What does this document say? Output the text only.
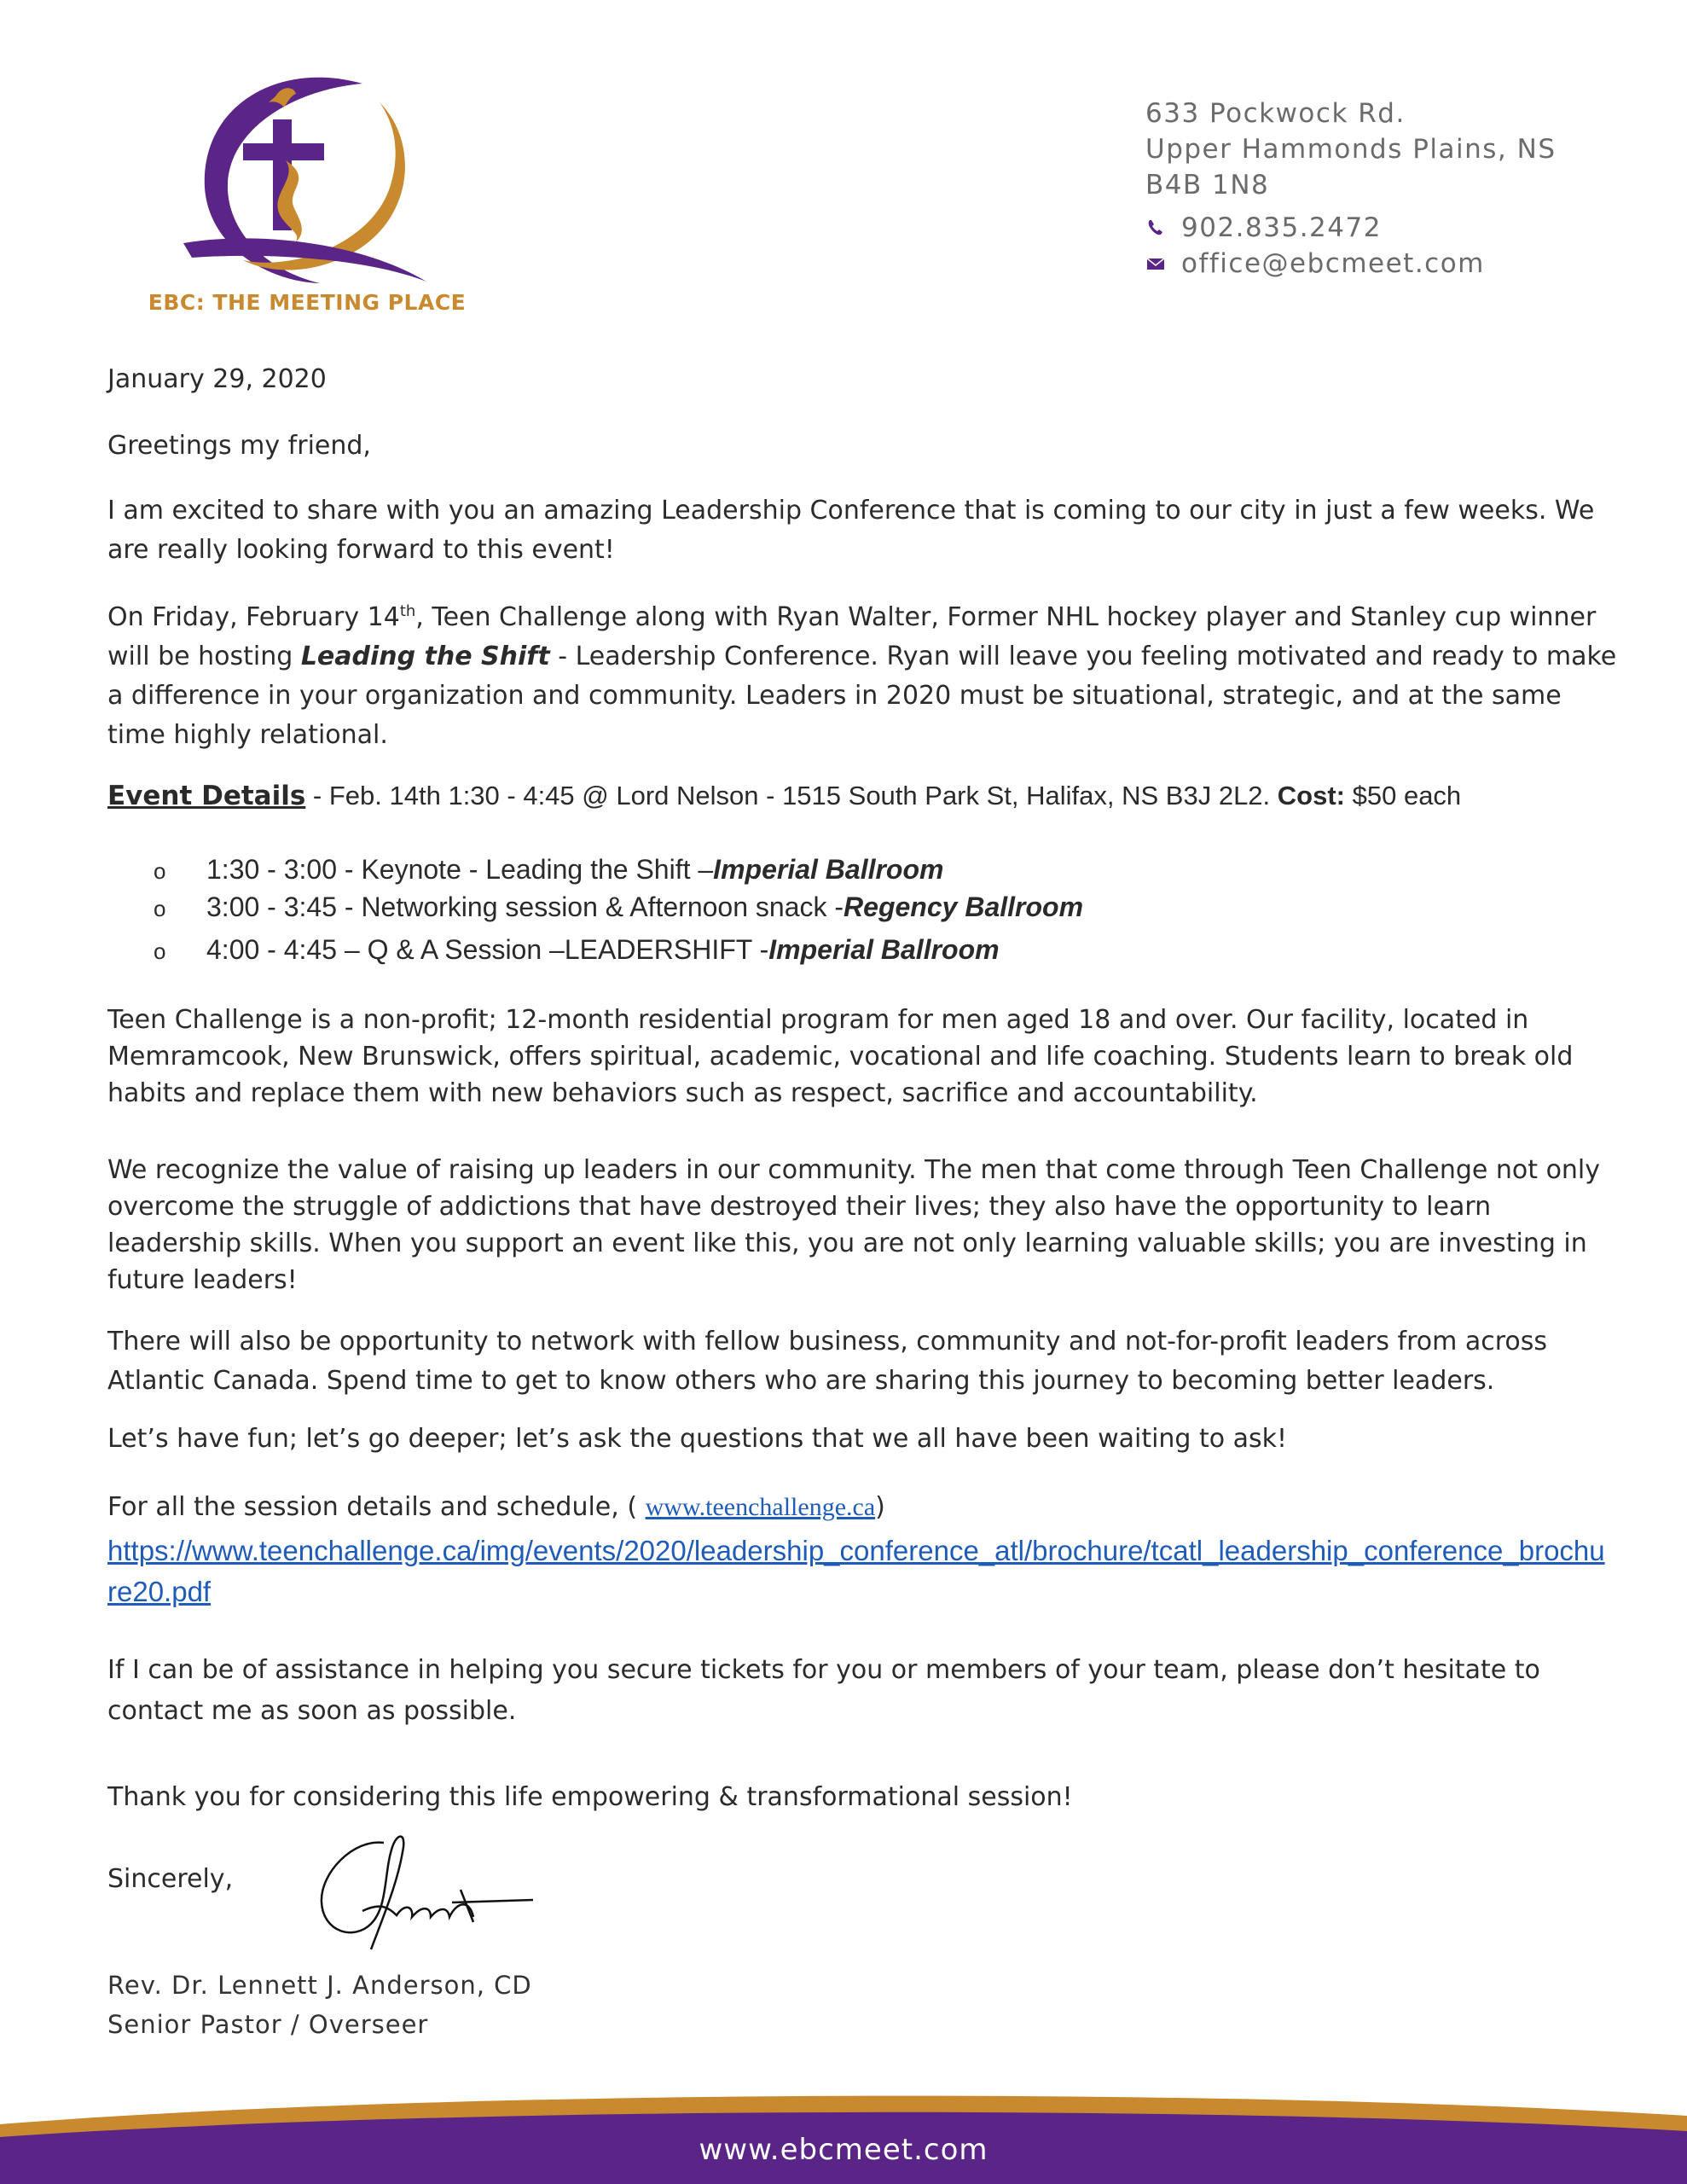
EBC: THE MEETING PLACE
633 Pockwock Rd.
Upper Hammonds Plains, NS
B4B 1N8
902.835.2472
office@ebcmeet.com
January 29, 2020
Greetings my friend,
I am excited to share with you an amazing Leadership Conference that is coming to our city in just a few weeks. We are really looking forward to this event!
On Friday, February 14th, Teen Challenge along with Ryan Walter, Former NHL hockey player and Stanley cup winner will be hosting Leading the Shift - Leadership Conference. Ryan will leave you feeling motivated and ready to make a difference in your organization and community. Leaders in 2020 must be situational, strategic, and at the same time highly relational.
Event Details - Feb. 14th 1:30 - 4:45 @ Lord Nelson - 1515 South Park St, Halifax, NS B3J 2L2. Cost: $50 each
o	1:30 - 3:00 - Keynote - Leading the Shift – Imperial Ballroom
o	3:00 - 3:45 - Networking session & Afternoon snack - Regency Ballroom
o	4:00 - 4:45 – Q & A Session –LEADERSHIFT - Imperial Ballroom
Teen Challenge is a non-profit; 12-month residential program for men aged 18 and over. Our facility, located in Memramcook, New Brunswick, offers spiritual, academic, vocational and life coaching. Students learn to break old habits and replace them with new behaviors such as respect, sacrifice and accountability.
We recognize the value of raising up leaders in our community. The men that come through Teen Challenge not only overcome the struggle of addictions that have destroyed their lives; they also have the opportunity to learn leadership skills. When you support an event like this, you are not only learning valuable skills; you are investing in future leaders!
There will also be opportunity to network with fellow business, community and not-for-profit leaders from across Atlantic Canada. Spend time to get to know others who are sharing this journey to becoming better leaders.
Let’s have fun; let’s go deeper; let’s ask the questions that we all have been waiting to ask!
For all the session details and schedule, ( www.teenchallenge.ca)
https://www.teenchallenge.ca/img/events/2020/leadership_conference_atl/brochure/tcatl_leadership_conference_brochure20.pdf
If I can be of assistance in helping you secure tickets for you or members of your team, please don’t hesitate to contact me as soon as possible.
Thank you for considering this life empowering & transformational session!
Sincerely,
Rev. Dr. Lennett J. Anderson, CD
Senior Pastor / Overseer
www.ebcmeet.com
